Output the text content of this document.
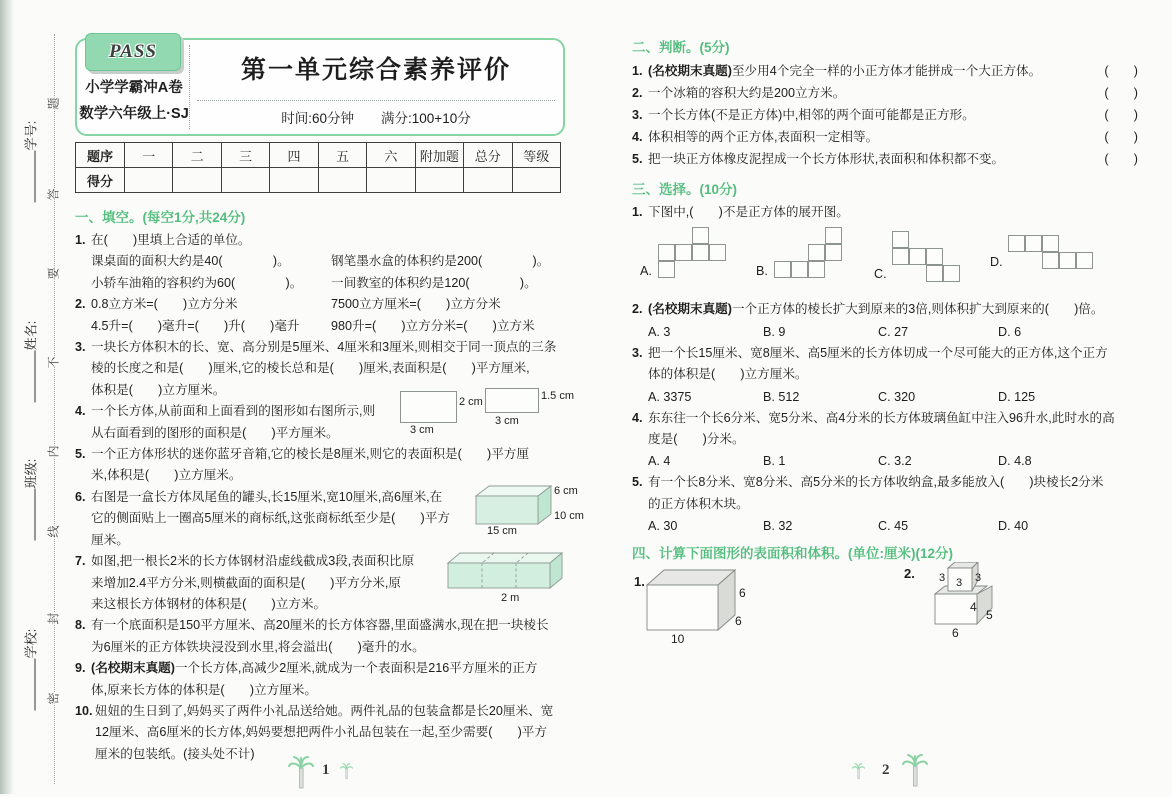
学号:
姓名:
班级:
学校:
题
答
要
不
内
线
封
密
PASS
小学学霸冲A卷
数学六年级上·SJ
第一单元综合素养评价
时间:60分钟　　满分:100+10分
题序	一	二	三	四	五	六	附加题	总分	等级
得分									
一、填空。(每空1分,共24分)
1. 在(　　)里填上合适的单位。
课桌面的面积大约是40(　　　　)。	钢笔墨水盒的体积约是200(　　　　)。
小轿车油箱的容积约为60(　　　　)。	一间教室的体积约是120(　　　　)。
2. 0.8立方米=(　　)立方分米	7500立方厘米=(　　)立方分米
4.5升=(　　)毫升=(　　)升(　　)毫升	980升=(　　)立方分米=(　　)立方米
3. 一块长方体积木的长、宽、高分别是5厘米、4厘米和3厘米,则相交于同一顶点的三条
棱的长度之和是(　　)厘米,它的棱长总和是(　　)厘米,表面积是(　　)平方厘米,
体积是(　　)立方厘米。
4. 一个长方体,从前面和上面看到的图形如右图所示,则
从右面看到的图形的面积是(　　)平方厘米。
5. 一个正方体形状的迷你蓝牙音箱,它的棱长是8厘米,则它的表面积是(　　)平方厘
米,体积是(　　)立方厘米。
6. 右图是一盒长方体凤尾鱼的罐头,长15厘米,宽10厘米,高6厘米,在
它的侧面贴上一圈高5厘米的商标纸,这张商标纸至少是(　　)平方
厘米。
7. 如图,把一根长2米的长方体钢材沿虚线截成3段,表面积比原
来增加2.4平方分米,则横截面的面积是(　　)平方分米,原
来这根长方体钢材的体积是(　　)立方米。
8. 有一个底面积是150平方厘米、高20厘米的长方体容器,里面盛满水,现在把一块棱长
为6厘米的正方体铁块浸没到水里,将会溢出(　　)毫升的水。
9. (名校期末真题)一个长方体,高减少2厘米,就成为一个表面积是216平方厘米的正方
体,原来长方体的体积是(　　)立方厘米。
10. 妞妞的生日到了,妈妈买了两件小礼品送给她。两件礼品的包装盒都是长20厘米、宽
12厘米、高6厘米的长方体,妈妈要想把两件小礼品包装在一起,至少需要(　　)平方
厘米的包装纸。(接头处不计)
2 cm
3 cm
1.5 cm
3 cm
6 cm
10 cm
15 cm
2 m
二、判断。(5分)
1. (名校期末真题)至少用4个完全一样的小正方体才能拼成一个大正方体。	(　　)
2. 一个冰箱的容积大约是200立方米。	(　　)
3. 一个长方体(不是正方体)中,相邻的两个面可能都是正方形。	(　　)
4. 体积相等的两个正方体,表面积一定相等。	(　　)
5. 把一块正方体橡皮泥捏成一个长方体形状,表面积和体积都不变。	(　　)
三、选择。(10分)
1. 下图中,(　　)不是正方体的展开图。
A.	B.	C.
D.
2. (名校期末真题)一个正方体的棱长扩大到原来的3倍,则体积扩大到原来的(　　)倍。
A. 3	B. 9	C. 27	D. 6
3. 把一个长15厘米、宽8厘米、高5厘米的长方体切成一个尽可能大的正方体,这个正方
体的体积是(　　)立方厘米。
A. 3375	B. 512	C. 320	D. 125
4. 东东往一个长6分米、宽5分米、高4分米的长方体玻璃鱼缸中注入96升水,此时水的高
度是(　　)分米。
A. 4	B. 1	C. 3.2	D. 4.8
5. 有一个长8分米、宽8分米、高5分米的长方体收纳盒,最多能放入(　　)块棱长2分米
的正方体积木块。
A. 30	B. 32	C. 45	D. 40
四、计算下面图形的表面积和体积。(单位:厘米)(12分)
1.
6
6
10
2. 3 3 3
4
5
6
1	2
